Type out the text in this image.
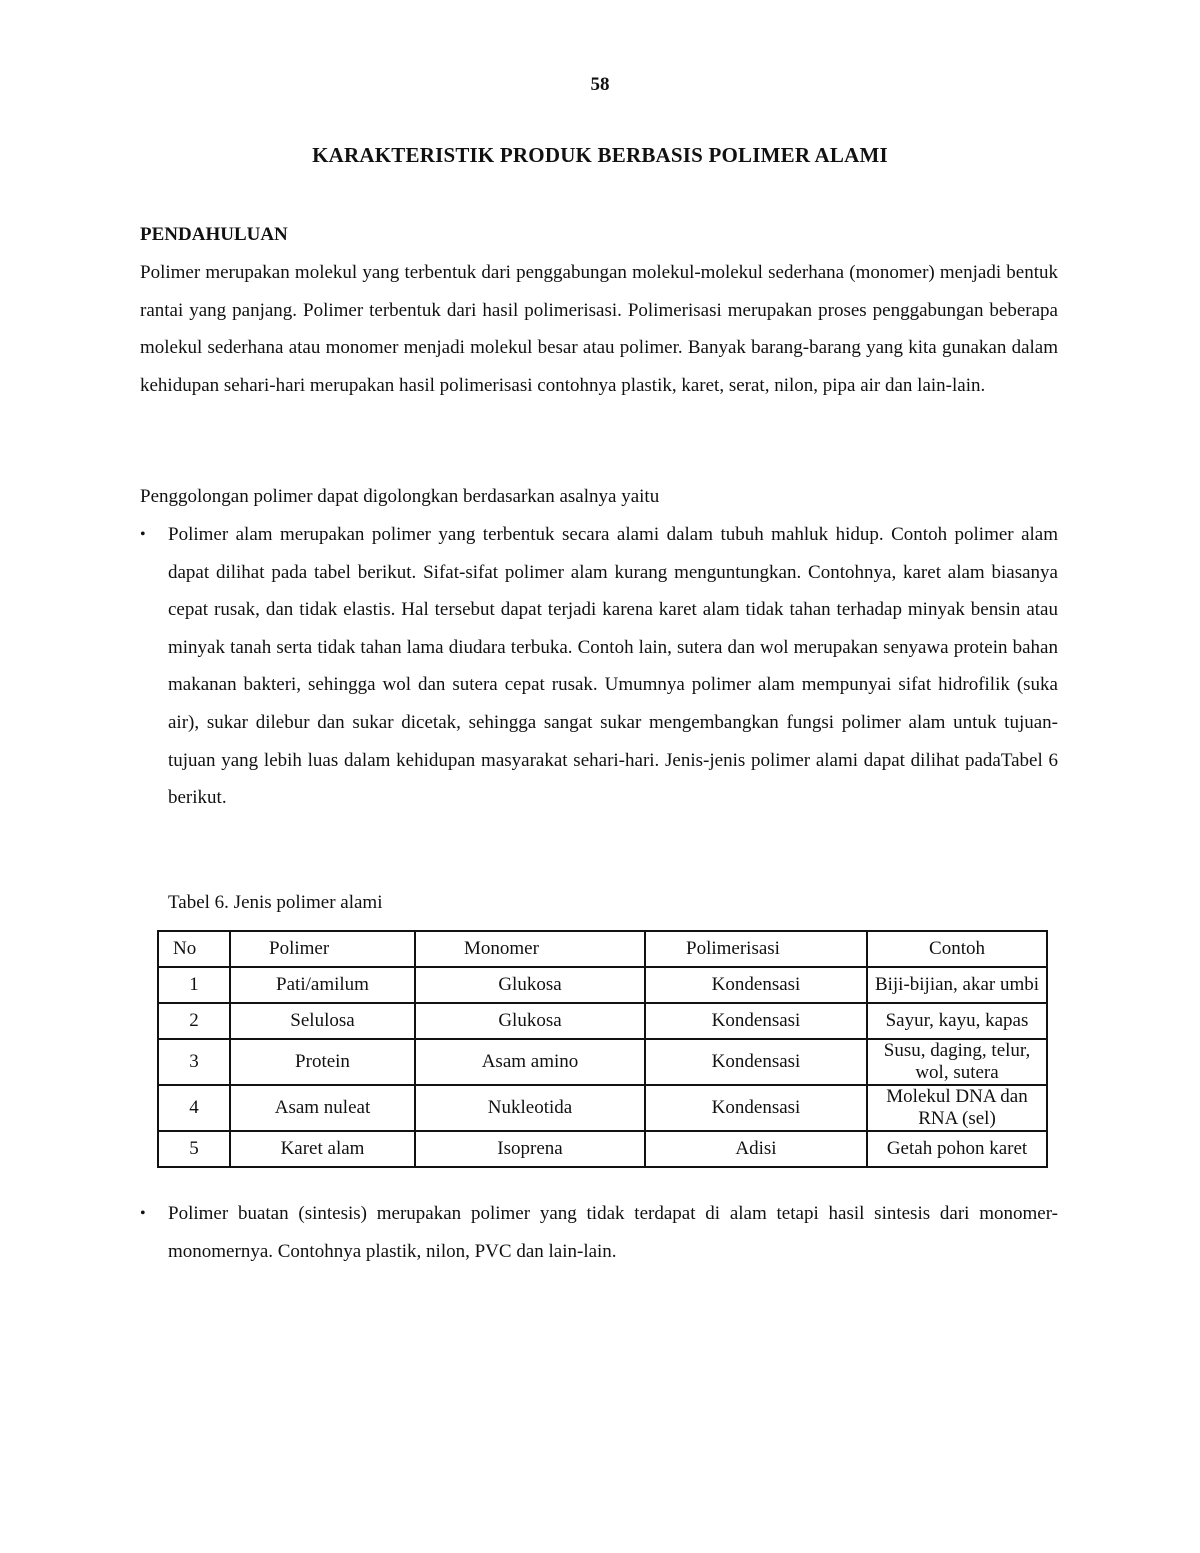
58
KARAKTERISTIK PRODUK BERBASIS POLIMER ALAMI
PENDAHULUAN

Polimer merupakan molekul yang terbentuk dari penggabungan molekul-molekul sederhana (monomer) menjadi bentuk rantai yang panjang. Polimer terbentuk dari hasil polimerisasi. Polimerisasi merupakan proses penggabungan beberapa molekul sederhana atau monomer menjadi molekul besar atau polimer. Banyak barang-barang yang kita gunakan dalam kehidupan sehari-hari merupakan hasil polimerisasi contohnya plastik, karet, serat, nilon, pipa air dan lain-lain.

Penggolongan polimer dapat digolongkan berdasarkan asalnya yaitu

•	Polimer alam merupakan polimer yang terbentuk secara alami dalam tubuh mahluk hidup. Contoh polimer alam dapat dilihat pada tabel berikut. Sifat-sifat polimer alam kurang menguntungkan. Contohnya, karet alam biasanya cepat rusak, dan tidak elastis. Hal tersebut dapat terjadi karena karet alam tidak tahan terhadap minyak bensin atau minyak tanah serta tidak tahan lama diudara terbuka. Contoh lain, sutera dan wol merupakan senyawa protein bahan makanan bakteri, sehingga wol dan sutera cepat rusak. Umumnya polimer alam mempunyai sifat hidrofilik (suka air), sukar dilebur dan sukar dicetak, sehingga sangat sukar mengembangkan fungsi polimer alam untuk tujuan-tujuan yang lebih luas dalam kehidupan masyarakat sehari-hari. Jenis-jenis polimer alami dapat dilihat padaTabel 6 berikut.
Tabel 6. Jenis polimer alami
No	Polimer	Monomer	Polimerisasi	Contoh
1	Pati/amilum	Glukosa	Kondensasi	Biji-bijian, akar umbi
2	Selulosa	Glukosa	Kondensasi	Sayur, kayu, kapas
3	Protein	Asam amino	Kondensasi	Susu, daging, telur, wol, sutera
4	Asam nuleat	Nukleotida	Kondensasi	Molekul DNA dan RNA (sel)
5	Karet alam	Isoprena	Adisi	Getah pohon karet
•	Polimer buatan (sintesis) merupakan polimer yang tidak terdapat di alam tetapi hasil sintesis dari monomer-monomernya. Contohnya plastik, nilon, PVC dan lain-lain.
